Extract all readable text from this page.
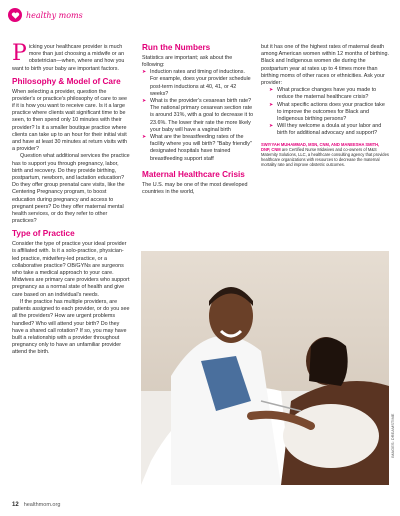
healthy moms
P icking your healthcare provider is much more than just choosing a midwife or an obstetrician—when, where and how you want to birth your baby are important factors.
Philosophy & Model of Care

When selecting a provider, question the provider's or practice's philosophy of care to see if it is how you want to receive care. Is it a large practice where clients wait significant time to be seen, to then spend only 10 minutes with their provider? Is it a smaller boutique practice where clients can take up to an hour for their initial visit and have at least 30 minutes at return visits with a provider?

Question what additional services the practice has to support you through pregnancy, labor, birth and recovery. Do they provide birthing, postpartum, newborn, and lactation education? Do they offer group prenatal care visits, like the Centering Pregnancy program, to boost education during pregnancy and access to pregnant peers? Do they offer maternal mental health services, or do they refer to other practices?

Type of Practice

Consider the type of practice your ideal provider is affiliated with. Is it a solo-practice, physician-led practice, midwifery-led practice, or a collaborative practice? OB/GYNs are surgeons who take a medical approach to your care. Midwives are primary care providers who support pregnancy as a normal state of health and give care based on an individual's needs.

If the practice has multiple providers, are patients assigned to each provider, or do you see all the providers? How are urgent problems handled? Who will attend your birth? Do they have a shared call rotation? If so, you may have built a relationship with a provider throughout pregnancy only to have an unfamiliar provider attend the birth.

Run the Numbers

Statistics are important; ask about the following:

➤ Induction rates and timing of inductions. For example, does your provider schedule post-term inductions at 40, 41, or 42 weeks?
➤ What is the provider's cesarean birth rate? The national primary cesarean section rate is around 31%, with a goal to decrease it to 23.6%. The lower their rate the more likely your baby will have a vaginal birth
➤ What are the breastfeeding rates of the facility where you will birth? "Baby friendly" designated hospitals have trained breastfeeding support staff
Maternal Healthcare Crisis

The U.S. may be one of the most developed countries in the world,

but it has one of the highest rates of maternal death among American women within 12 months of birthing. Black and Indigenous women die during the postpartum year at rates up to 4 times more than birthing moms of other races or ethnicities. Ask your provider:

➤ What practice changes have you made to reduce the maternal healthcare crisis?
➤ What specific actions does your practice take to improve the outcomes for Black and Indigenous birthing persons?
➤ Will they welcome a doula at your labor and birth for additional advocacy and support?
SWIYYAH MUHAMMAD, MSN, CNM, AND MANEESHA SMITH, DNP, CNM are Certified Nurse Midwives and co-owners of M&S Maternity Solutions, LLC, a healthcare consulting agency that provides healthcare organizations with resources to decrease the maternal mortality rate and improve obstetric outcomes.
IMAGES: DREAMSTIME
12 healthmom.org
